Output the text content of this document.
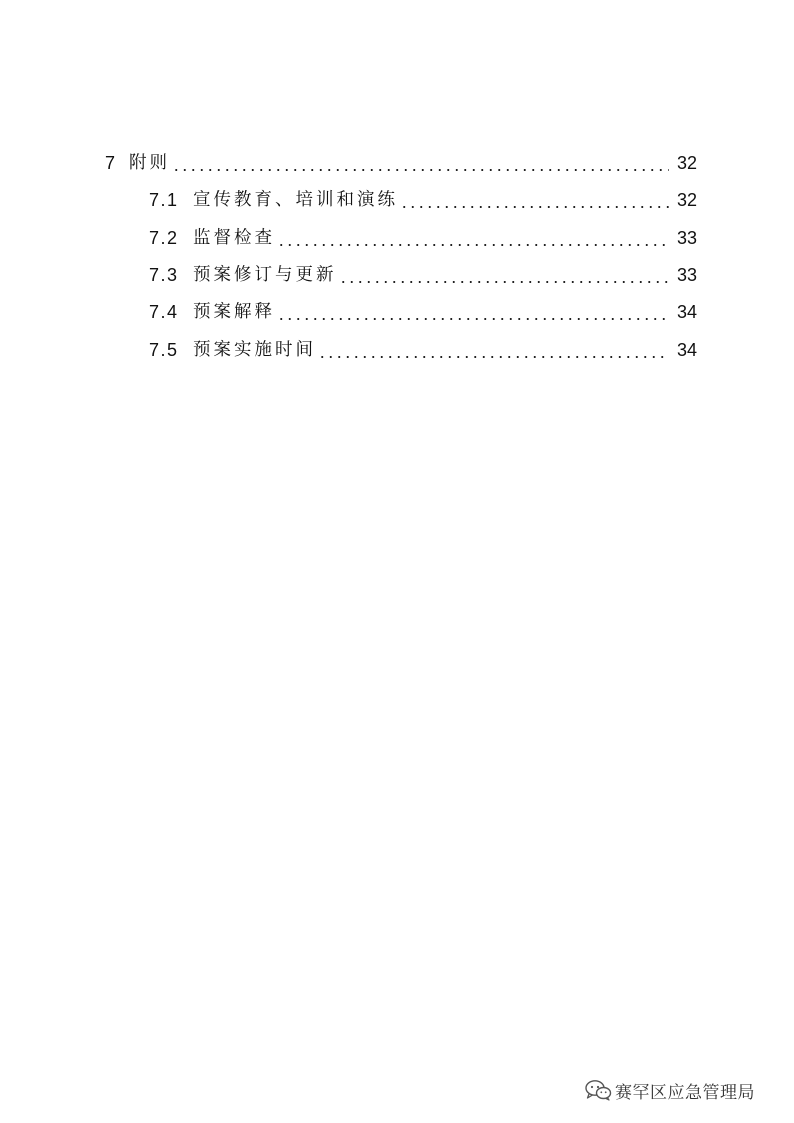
7 附则	32
7.1 宣传教育、培训和演练	32
7.2 监督检查	33
7.3 预案修订与更新	33
7.4 预案解释	34
7.5 预案实施时间	34
赛罕区应急管理局
